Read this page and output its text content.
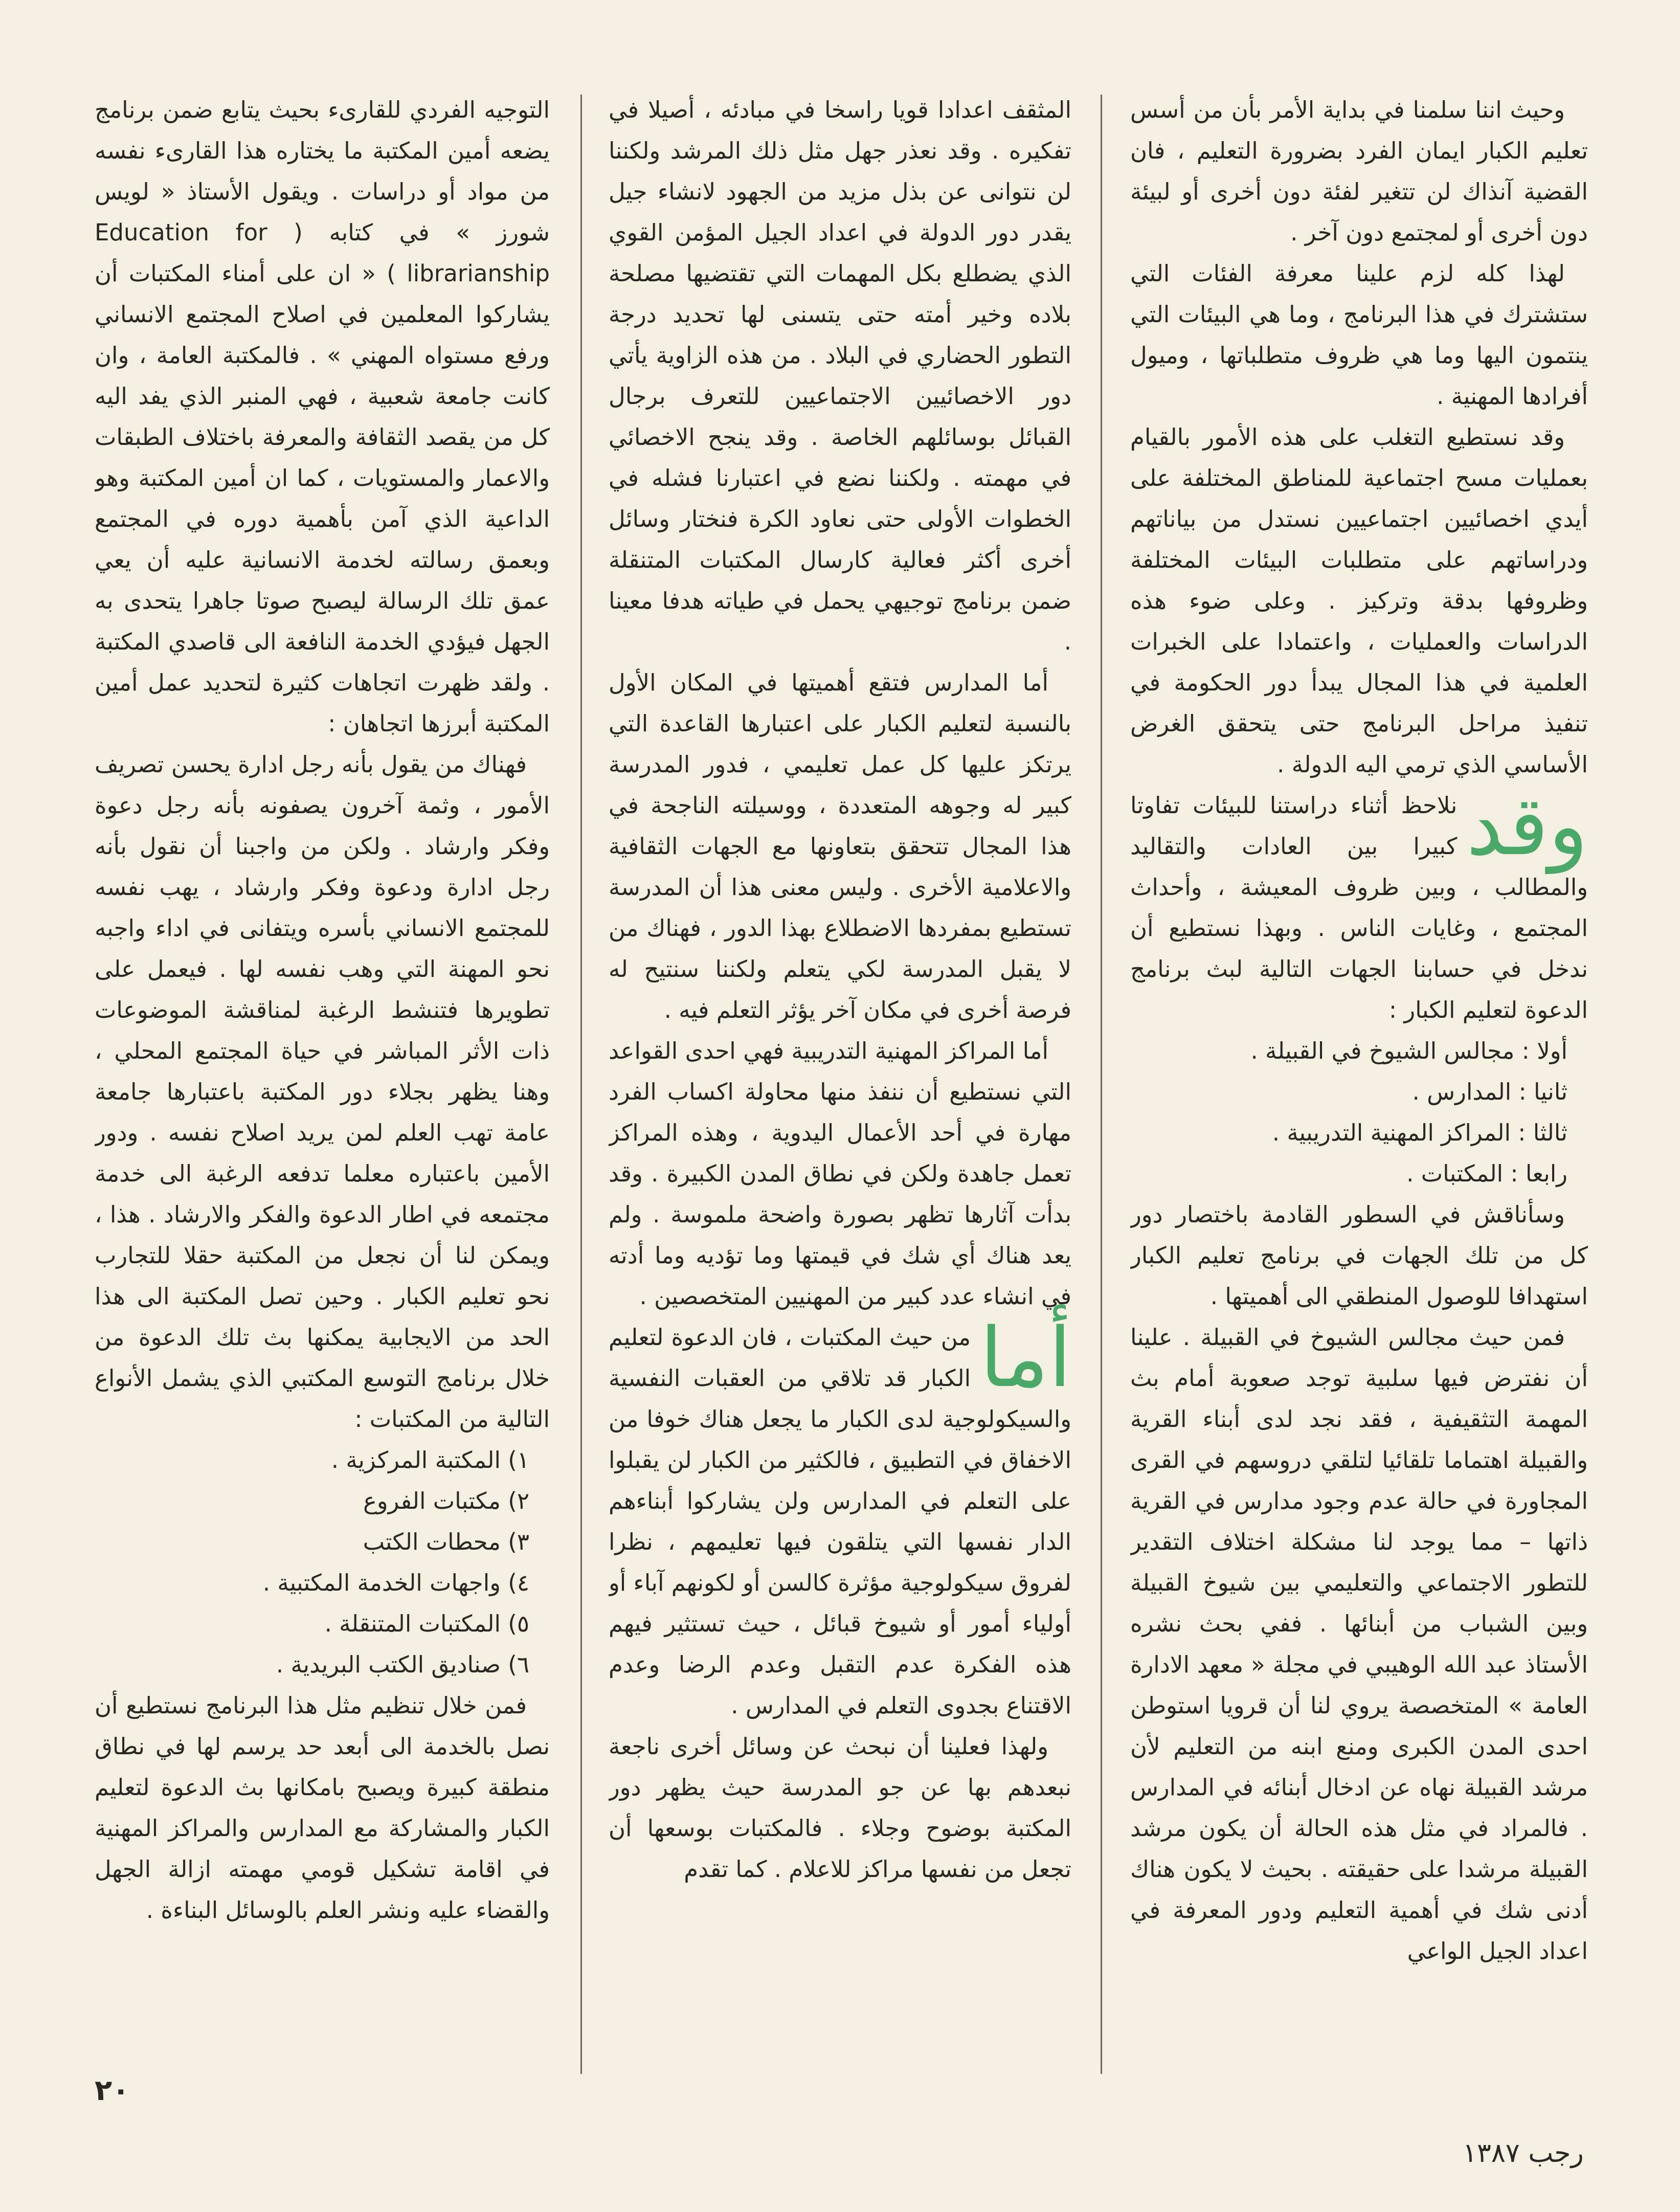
وحيث اننا سلمنا في بداية الأمر بأن من أسس تعليم الكبار ايمان الفرد بضرورة التعليم ، فان القضية آنذاك لن تتغير لفئة دون أخرى أو لبيئة دون أخرى أو لمجتمع دون آخر .

لهذا كله لزم علينا معرفة الفئات التي ستشترك في هذا البرنامج ، وما هي البيئات التي ينتمون اليها وما هي ظروف متطلباتها ، وميول أفرادها المهنية .

وقد نستطيع التغلب على هذه الأمور بالقيام بعمليات مسح اجتماعية للمناطق المختلفة على أيدي اخصائيين اجتماعيين نستدل من بياناتهم ودراساتهم على متطلبات البيئات المختلفة وظروفها بدقة وتركيز . وعلى ضوء هذه الدراسات والعمليات ، واعتمادا على الخبرات العلمية في هذا المجال يبدأ دور الحكومة في تنفيذ مراحل البرنامج حتى يتحقق الغرض الأساسي الذي ترمي اليه الدولة .

وقد
نلاحظ أثناء دراستنا للبيئات تفاوتا كبيرا بين العادات والتقاليد والمطالب ، وبين ظروف المعيشة ، وأحداث المجتمع ، وغايات الناس . وبهذا نستطيع أن ندخل في حسابنا الجهات التالية لبث برنامج الدعوة لتعليم الكبار :

أولا : مجالس الشيوخ في القبيلة .
ثانيا : المدارس .
ثالثا : المراكز المهنية التدريبية .
رابعا : المكتبات .

وسأناقش في السطور القادمة باختصار دور كل من تلك الجهات في برنامج تعليم الكبار استهدافا للوصول المنطقي الى أهميتها .

فمن حيث مجالس الشيوخ في القبيلة . علينا أن نفترض فيها سلبية توجد صعوبة أمام بث المهمة التثقيفية ، فقد نجد لدى أبناء القرية والقبيلة اهتماما تلقائيا لتلقي دروسهم في القرى المجاورة في حالة عدم وجود مدارس في القرية ذاتها – مما يوجد لنا مشكلة اختلاف التقدير للتطور الاجتماعي والتعليمي بين شيوخ القبيلة وبين الشباب من أبنائها . ففي بحث نشره الأستاذ عبد الله الوهيبي في مجلة « معهد الادارة العامة » المتخصصة يروي لنا أن قرويا استوطن احدى المدن الكبرى ومنع ابنه من التعليم لأن مرشد القبيلة نهاه عن ادخال أبنائه في المدارس . فالمراد في مثل هذه الحالة أن يكون مرشد القبيلة مرشدا على حقيقته . بحيث لا يكون هناك أدنى شك في أهمية التعليم ودور المعرفة في اعداد الجيل الواعي

المثقف اعدادا قويا راسخا في مبادئه ، أصيلا في تفكيره . وقد نعذر جهل مثل ذلك المرشد ولكننا لن نتوانى عن بذل مزيد من الجهود لانشاء جيل يقدر دور الدولة في اعداد الجيل المؤمن القوي الذي يضطلع بكل المهمات التي تقتضيها مصلحة بلاده وخير أمته حتى يتسنى لها تحديد درجة التطور الحضاري في البلاد . من هذه الزاوية يأتي دور الاخصائيين الاجتماعيين للتعرف برجال القبائل بوسائلهم الخاصة . وقد ينجح الاخصائي في مهمته . ولكننا نضع في اعتبارنا فشله في الخطوات الأولى حتى نعاود الكرة فنختار وسائل أخرى أكثر فعالية كارسال المكتبات المتنقلة ضمن برنامج توجيهي يحمل في طياته هدفا معينا .

أما المدارس فتقع أهميتها في المكان الأول بالنسبة لتعليم الكبار على اعتبارها القاعدة التي يرتكز عليها كل عمل تعليمي ، فدور المدرسة كبير له وجوهه المتعددة ، ووسيلته الناجحة في هذا المجال تتحقق بتعاونها مع الجهات الثقافية والاعلامية الأخرى . وليس معنى هذا أن المدرسة تستطيع بمفردها الاضطلاع بهذا الدور ، فهناك من لا يقبل المدرسة لكي يتعلم ولكننا سنتيح له فرصة أخرى في مكان آخر يؤثر التعلم فيه .

أما المراكز المهنية التدريبية فهي احدى القواعد التي نستطيع أن ننفذ منها محاولة اكساب الفرد مهارة في أحد الأعمال اليدوية ، وهذه المراكز تعمل جاهدة ولكن في نطاق المدن الكبيرة . وقد بدأت آثارها تظهر بصورة واضحة ملموسة . ولم يعد هناك أي شك في قيمتها وما تؤديه وما أدته في انشاء عدد كبير من المهنيين المتخصصين .

أما
من حيث المكتبات ، فان الدعوة لتعليم الكبار قد تلاقي من العقبات النفسية والسيكولوجية لدى الكبار ما يجعل هناك خوفا من الاخفاق في التطبيق ، فالكثير من الكبار لن يقبلوا على التعلم في المدارس ولن يشاركوا أبناءهم الدار نفسها التي يتلقون فيها تعليمهم ، نظرا لفروق سيكولوجية مؤثرة كالسن أو لكونهم آباء أو أولياء أمور أو شيوخ قبائل ، حيث تستثير فيهم هذه الفكرة عدم التقبل وعدم الرضا وعدم الاقتناع بجدوى التعلم في المدارس .

ولهذا فعلينا أن نبحث عن وسائل أخرى ناجعة نبعدهم بها عن جو المدرسة حيث يظهر دور المكتبة بوضوح وجلاء . فالمكتبات بوسعها أن تجعل من نفسها مراكز للاعلام . كما تقدم

التوجيه الفردي للقارىء بحيث يتابع ضمن برنامج يضعه أمين المكتبة ما يختاره هذا القارىء نفسه من مواد أو دراسات . ويقول الأستاذ « لويس شورز » في كتابه ( Education for librarianship ) « ان على أمناء المكتبات أن يشاركوا المعلمين في اصلاح المجتمع الانساني ورفع مستواه المهني » . فالمكتبة العامة ، وان كانت جامعة شعبية ، فهي المنبر الذي يفد اليه كل من يقصد الثقافة والمعرفة باختلاف الطبقات والاعمار والمستويات ، كما ان أمين المكتبة وهو الداعية الذي آمن بأهمية دوره في المجتمع وبعمق رسالته لخدمة الانسانية عليه أن يعي عمق تلك الرسالة ليصبح صوتا جاهرا يتحدى به الجهل فيؤدي الخدمة النافعة الى قاصدي المكتبة . ولقد ظهرت اتجاهات كثيرة لتحديد عمل أمين المكتبة أبرزها اتجاهان :

فهناك من يقول بأنه رجل ادارة يحسن تصريف الأمور ، وثمة آخرون يصفونه بأنه رجل دعوة وفكر وارشاد . ولكن من واجبنا أن نقول بأنه رجل ادارة ودعوة وفكر وارشاد ، يهب نفسه للمجتمع الانساني بأسره ويتفانى في اداء واجبه نحو المهنة التي وهب نفسه لها . فيعمل على تطويرها فتنشط الرغبة لمناقشة الموضوعات ذات الأثر المباشر في حياة المجتمع المحلي ، وهنا يظهر بجلاء دور المكتبة باعتبارها جامعة عامة تهب العلم لمن يريد اصلاح نفسه . ودور الأمين باعتباره معلما تدفعه الرغبة الى خدمة مجتمعه في اطار الدعوة والفكر والارشاد . هذا ، ويمكن لنا أن نجعل من المكتبة حقلا للتجارب نحو تعليم الكبار . وحين تصل المكتبة الى هذا الحد من الايجابية يمكنها بث تلك الدعوة من خلال برنامج التوسع المكتبي الذي يشمل الأنواع التالية من المكتبات :

١) المكتبة المركزية .
٢) مكتبات الفروع
٣) محطات الكتب
٤) واجهات الخدمة المكتبية .
٥) المكتبات المتنقلة .
٦) صناديق الكتب البريدية .

فمن خلال تنظيم مثل هذا البرنامج نستطيع أن نصل بالخدمة الى أبعد حد يرسم لها في نطاق منطقة كبيرة ويصبح بامكانها بث الدعوة لتعليم الكبار والمشاركة مع المدارس والمراكز المهنية في اقامة تشكيل قومي مهمته ازالة الجهل والقضاء عليه ونشر العلم بالوسائل البناءة .

٢٠
رجب ١٣٨٧
